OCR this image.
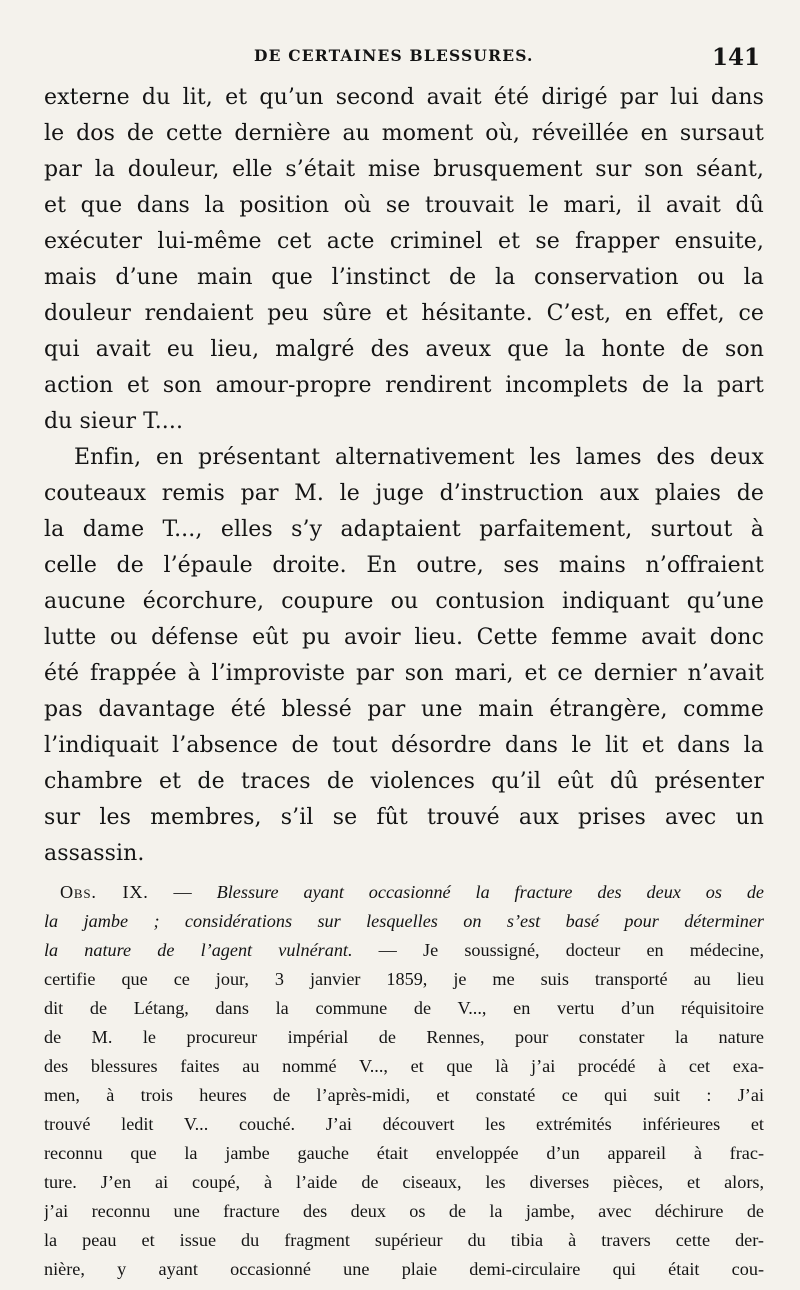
DE CERTAINES BLESSURES.	141
externe du lit, et qu’un second avait été dirigé par lui dans
le dos de cette dernière au moment où, réveillée en sursaut
par la douleur, elle s’était mise brusquement sur son séant,
et que dans la position où se trouvait le mari, il avait dû
exécuter lui-même cet acte criminel et se frapper ensuite,
mais d’une main que l’instinct de la conservation ou la
douleur rendaient peu sûre et hésitante. C’est, en effet, ce
qui avait eu lieu, malgré des aveux que la honte de son
action et son amour-propre rendirent incomplets de la part
du sieur T....
Enfin, en présentant alternativement les lames des deux
couteaux remis par M. le juge d’instruction aux plaies de
la dame T..., elles s’y adaptaient parfaitement, surtout à
celle de l’épaule droite. En outre, ses mains n’offraient
aucune écorchure, coupure ou contusion indiquant qu’une
lutte ou défense eût pu avoir lieu. Cette femme avait donc
été frappée à l’improviste par son mari, et ce dernier n’avait
pas davantage été blessé par une main étrangère, comme
l’indiquait l’absence de tout désordre dans le lit et dans la
chambre et de traces de violences qu’il eût dû présenter
sur les membres, s’il se fût trouvé aux prises avec un
assassin.
Obs. IX. — Blessure ayant occasionné la fracture des deux os de
la jambe ; considérations sur lesquelles on s’est basé pour déterminer
la nature de l’agent vulnérant. — Je soussigné, docteur en médecine,
certifie que ce jour, 3 janvier 1859, je me suis transporté au lieu
dit de Létang, dans la commune de V..., en vertu d’un réquisitoire
de M. le procureur impérial de Rennes, pour constater la nature
des blessures faites au nommé V..., et que là j’ai procédé à cet exa-
men, à trois heures de l’après-midi, et constaté ce qui suit : J’ai
trouvé ledit V... couché. J’ai découvert les extrémités inférieures et
reconnu que la jambe gauche était enveloppée d’un appareil à frac-
ture. J’en ai coupé, à l’aide de ciseaux, les diverses pièces, et alors,
j’ai reconnu une fracture des deux os de la jambe, avec déchirure de
la peau et issue du fragment supérieur du tibia à travers cette der-
nière, y ayant occasionné une plaie demi-circulaire qui était cou-
